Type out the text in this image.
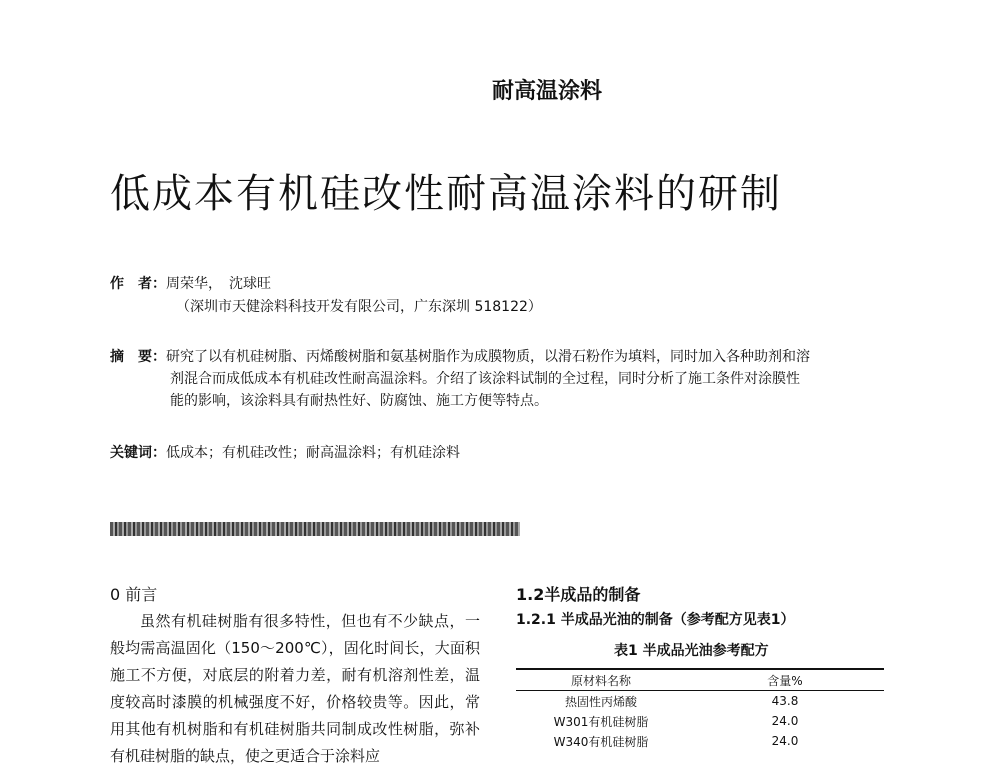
耐高温涂料
低成本有机硅改性耐高温涂料的研制
作　者：周荣华，　沈球旺
（深圳市天健涂料科技开发有限公司，广东深圳 518122）
摘　要：研究了以有机硅树脂、丙烯酸树脂和氨基树脂作为成膜物质，以滑石粉作为填料，同时加入各种助剂和溶剂混合而成低成本有机硅改性耐高温涂料。介绍了该涂料试制的全过程，同时分析了施工条件对涂膜性能的影响，该涂料具有耐热性好、防腐蚀、施工方便等特点。
关键词：低成本；有机硅改性；耐高温涂料；有机硅涂料
0 前言

虽然有机硅树脂有很多特性，但也有不少缺点，一般均需高温固化（150～200℃），固化时间长，大面积施工不方便，对底层的附着力差，耐有机溶剂性差，温度较高时漆膜的机械强度不好，价格较贵等。因此，常用其他有机树脂和有机硅树脂共同制成改性树脂，弥补有机硅树脂的缺点，使之更适合于涂料应

1.2半成品的制备
1.2.1 半成品光油的制备（参考配方见表1）
表1 半成品光油参考配方
原材料名称	含量%
热固性丙烯酸	43.8
W301有机硅树脂	24.0
W340有机硅树脂	24.0
